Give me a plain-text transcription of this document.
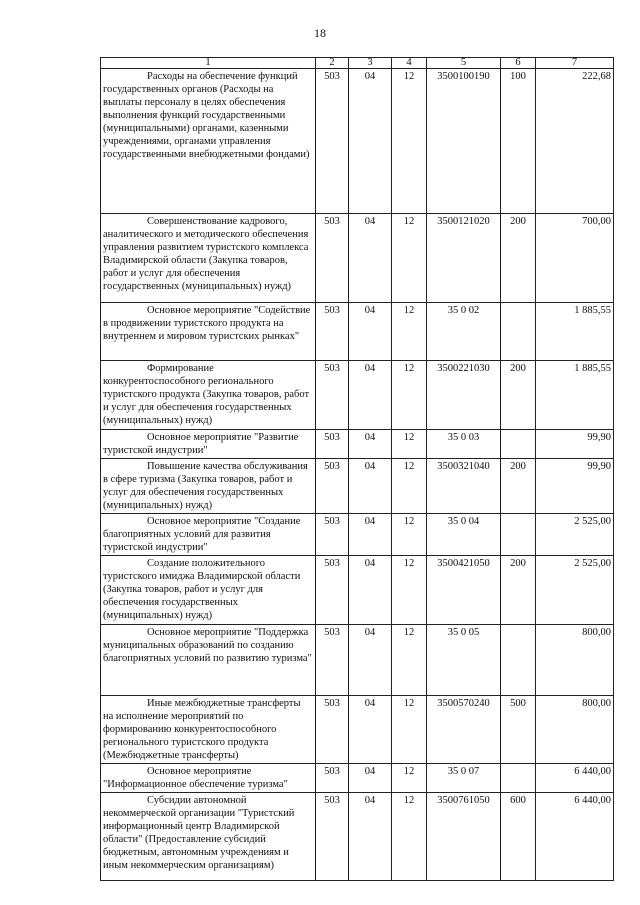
18
1	2	3	4	5	6	7
Расходы на обеспечение функций государственных органов (Расходы на выплаты персоналу в целях обеспечения выполнения функций государственными (муниципальными) органами, казенными учреждениями, органами управления государственными внебюджетными фондами)	503	04	12	3500100190	100	222,68
Совершенствование кадрового, аналитического и методического обеспечения управления развитием туристского комплекса Владимирской области (Закупка товаров, работ и услуг для обеспечения государственных (муниципальных) нужд)	503	04	12	3500121020	200	700,00
Основное мероприятие "Содействие в продвижении туристского продукта на внутреннем и мировом туристских рынках"	503	04	12	35 0 02		1 885,55
Формирование конкурентоспособного регионального туристского продукта (Закупка товаров, работ и услуг для обеспечения государственных (муниципальных) нужд)	503	04	12	3500221030	200	1 885,55
Основное мероприятие "Развитие туристской индустрии"	503	04	12	35 0 03		99,90
Повышение качества обслуживания в сфере туризма (Закупка товаров, работ и услуг для обеспечения государственных (муниципальных) нужд)	503	04	12	3500321040	200	99,90
Основное мероприятие "Создание благоприятных условий для развития туристской индустрии"	503	04	12	35 0 04		2 525,00
Создание положительного туристского имиджа Владимирской области (Закупка товаров, работ и услуг для обеспечения государственных (муниципальных) нужд)	503	04	12	3500421050	200	2 525,00
Основное мероприятие "Поддержка муниципальных образований по созданию благоприятных условий по развитию туризма"	503	04	12	35 0 05		800,00
Иные межбюджетные трансферты на исполнение мероприятий по формированию конкурентоспособного регионального туристского продукта (Межбюджетные трансферты)	503	04	12	3500570240	500	800,00
Основное мероприятие "Информационное обеспечение туризма"	503	04	12	35 0 07		6 440,00
Субсидии автономной некоммерческой организации "Туристский информационный центр Владимирской области" (Предоставление субсидий бюджетным, автономным учреждениям и иным некоммерческим организациям)	503	04	12	3500761050	600	6 440,00
